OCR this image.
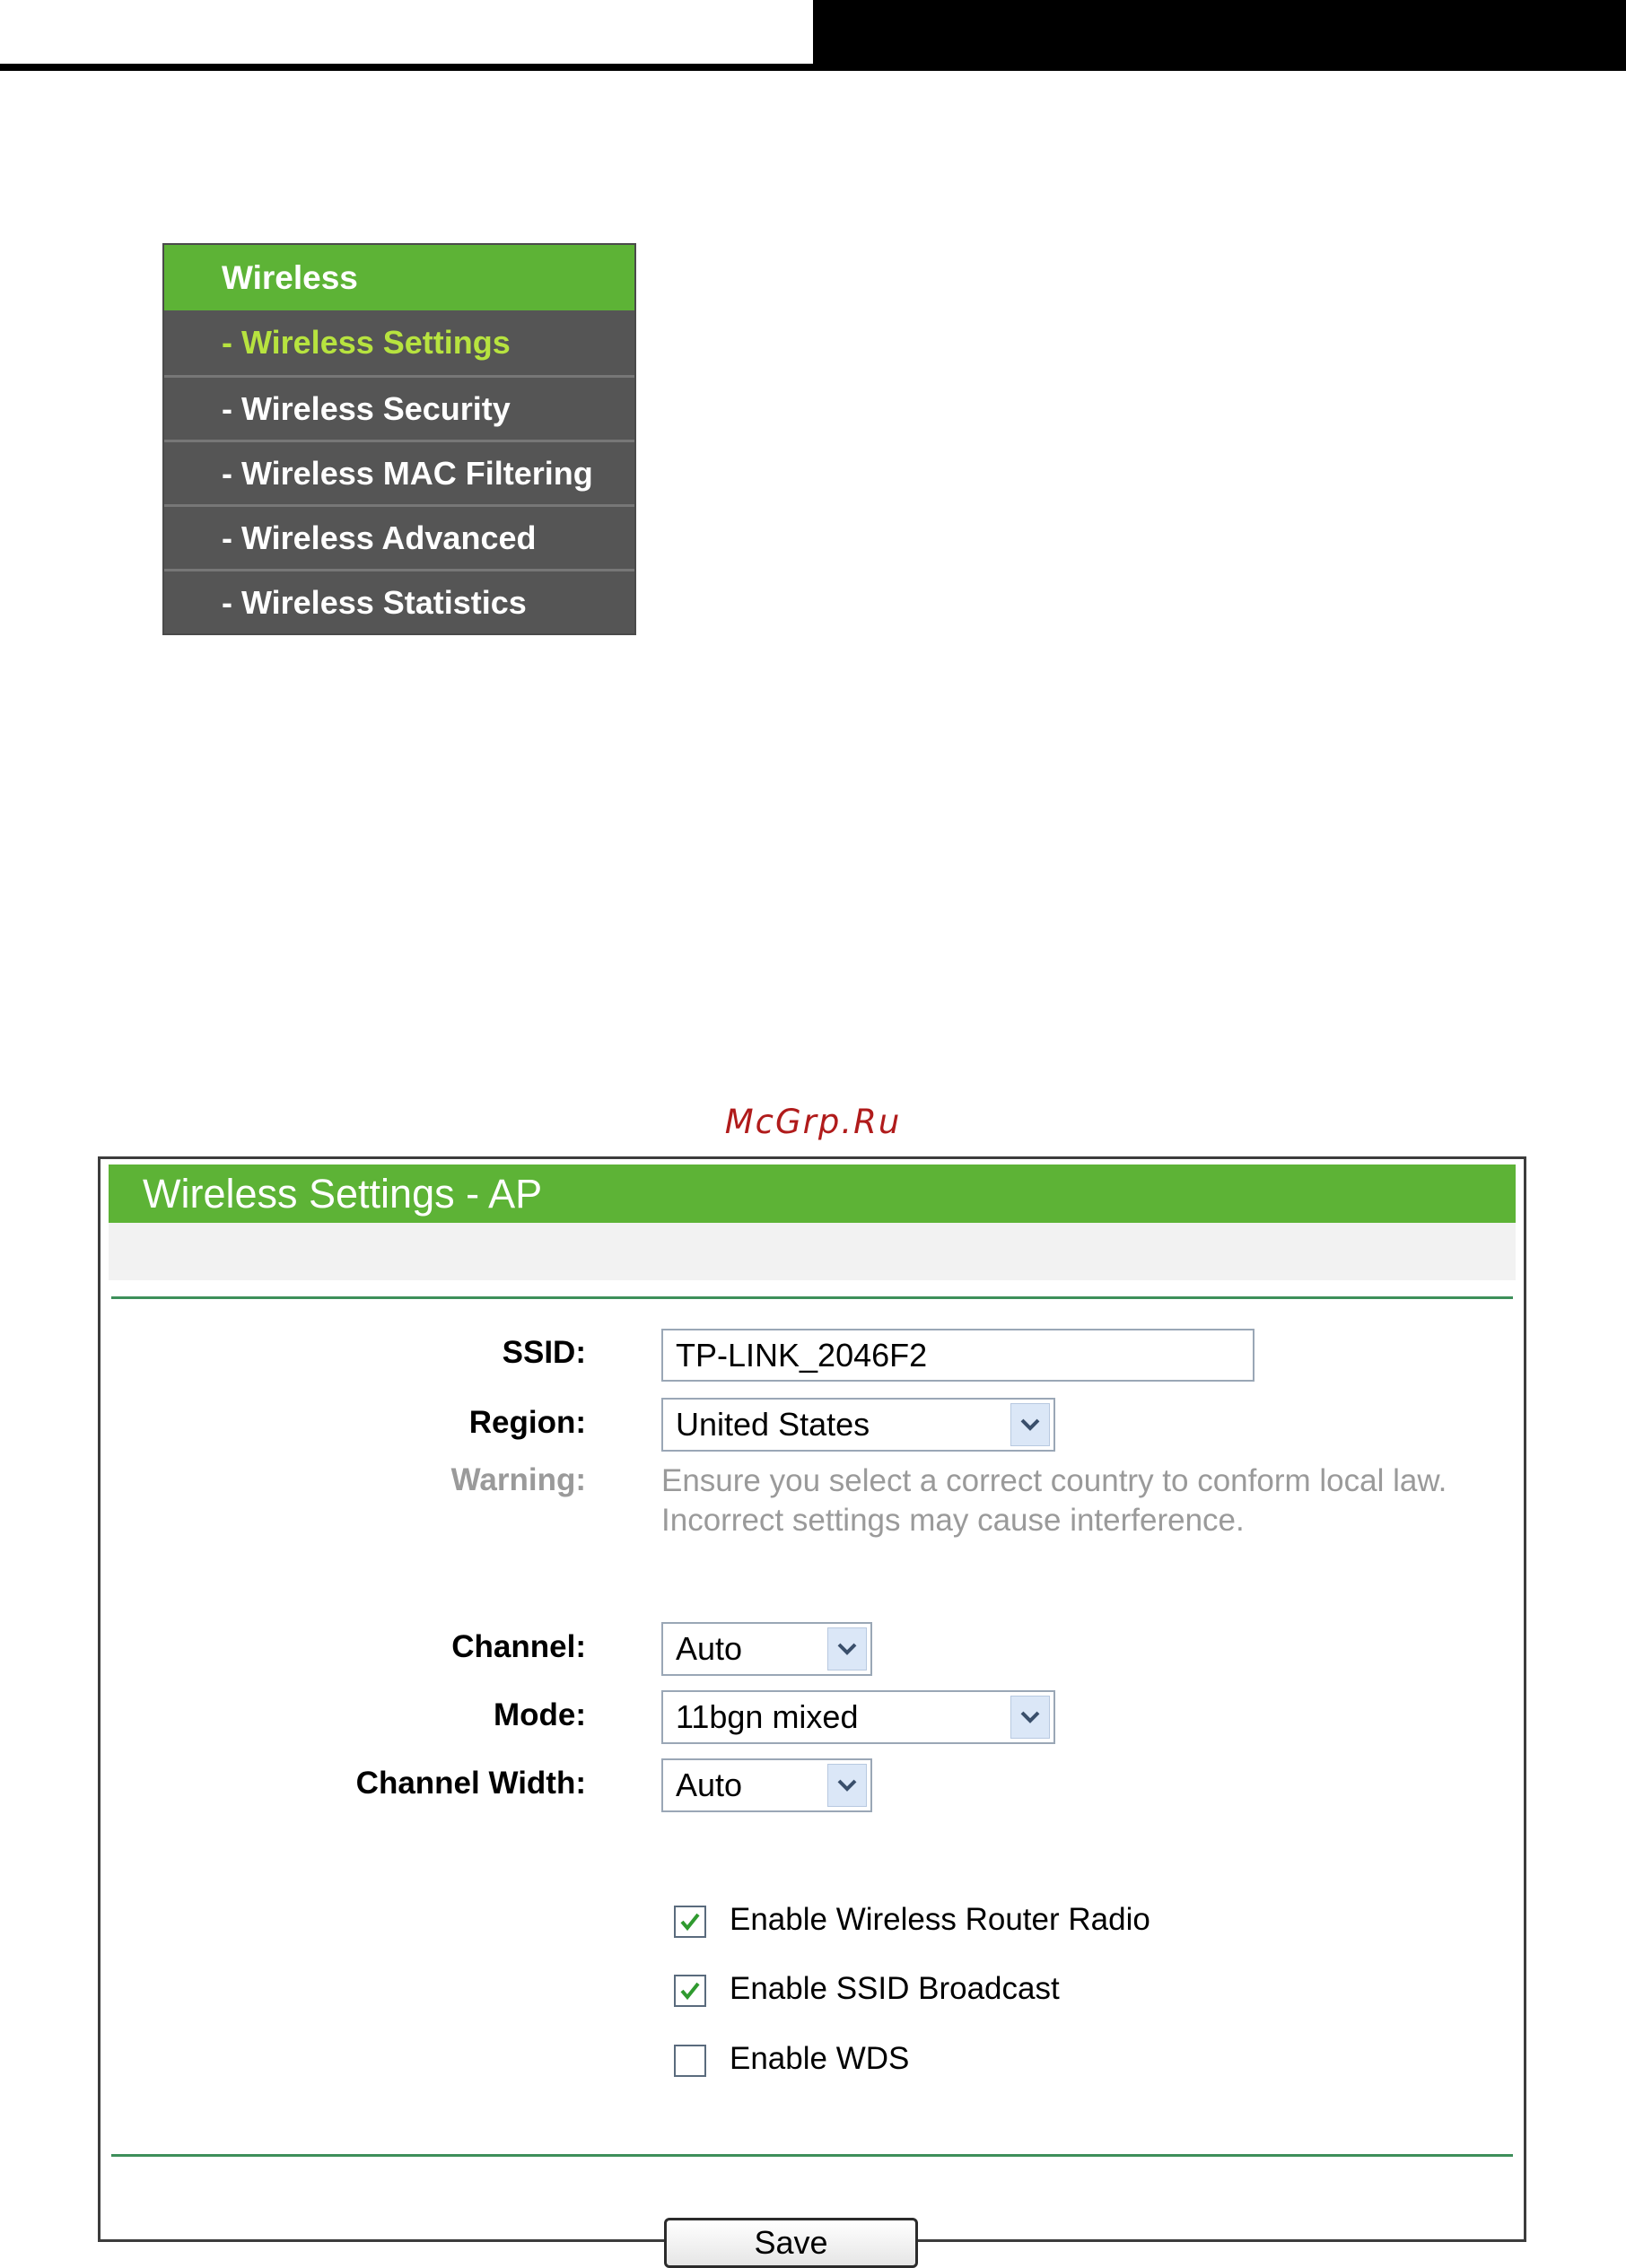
Wireless
- Wireless Settings
- Wireless Security
- Wireless MAC Filtering
- Wireless Advanced
- Wireless Statistics
McGrp.Ru
Wireless Settings - AP
SSID:	TP-LINK_2046F2
Region:	United States
Warning: Ensure you select a correct country to conform local law.
Incorrect settings may cause interference.
Channel:	Auto
Mode:	11bgn mixed
Channel Width:	Auto
Enable Wireless Router Radio
Enable SSID Broadcast
Enable WDS
Save
